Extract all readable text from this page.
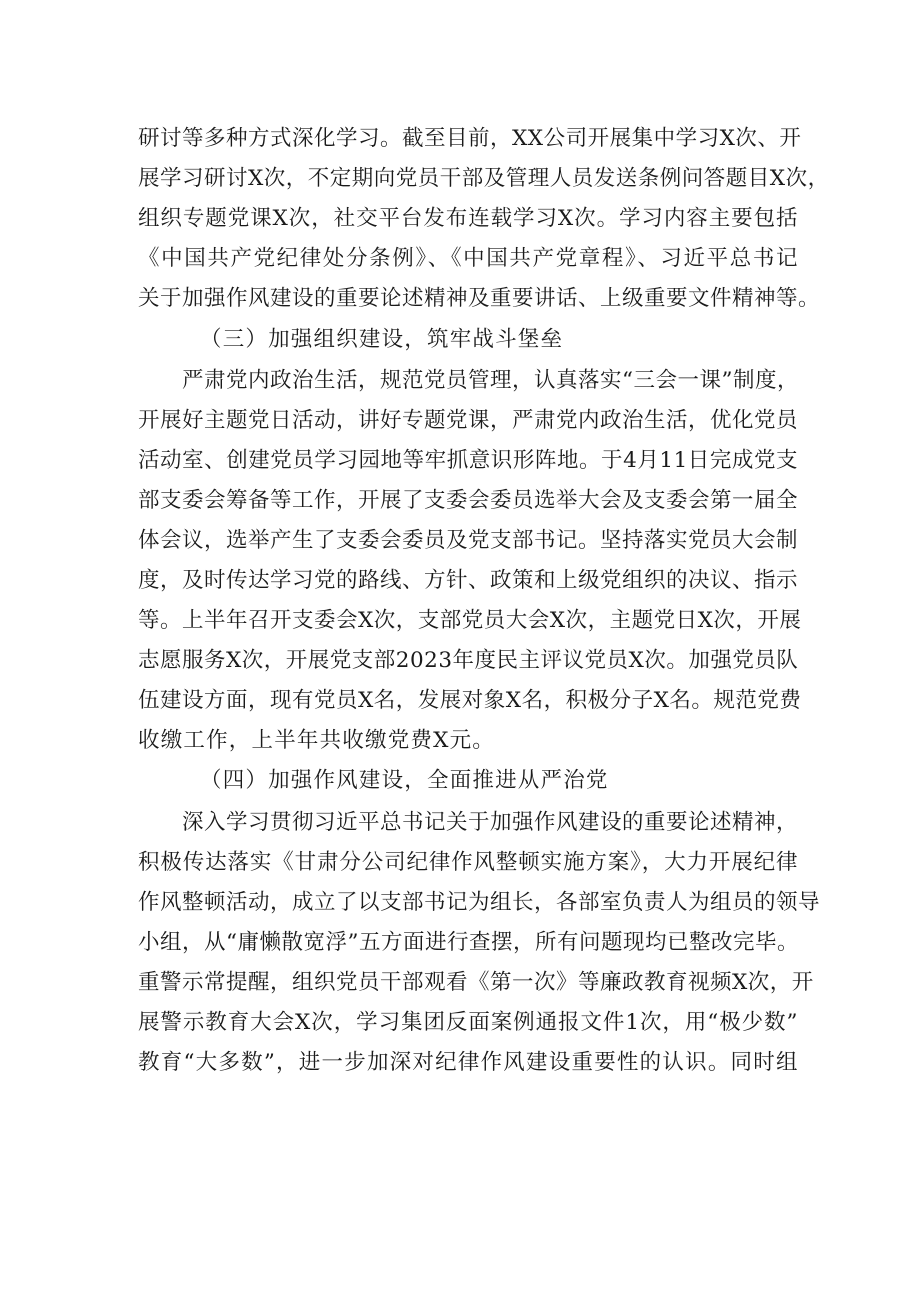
研讨等多种方式深化学习。截至目前，XX公司开展集中学习X次、开
展学习研讨X次，不定期向党员干部及管理人员发送条例问答题目X次，
组织专题党课X次，社交平台发布连载学习X次。学习内容主要包括
《中国共产党纪律处分条例》、《中国共产党章程》、习近平总书记
关于加强作风建设的重要论述精神及重要讲话、上级重要文件精神等。
（三）加强组织建设，筑牢战斗堡垒
严肃党内政治生活，规范党员管理，认真落实“三会一课”制度，
开展好主题党日活动，讲好专题党课，严肃党内政治生活，优化党员
活动室、创建党员学习园地等牢抓意识形阵地。于4月11日完成党支
部支委会筹备等工作，开展了支委会委员选举大会及支委会第一届全
体会议，选举产生了支委会委员及党支部书记。坚持落实党员大会制
度，及时传达学习党的路线、方针、政策和上级党组织的决议、指示
等。上半年召开支委会X次，支部党员大会X次，主题党日X次，开展
志愿服务X次，开展党支部2023年度民主评议党员X次。加强党员队
伍建设方面，现有党员X名，发展对象X名，积极分子X名。规范党费
收缴工作，上半年共收缴党费X元。
（四）加强作风建设，全面推进从严治党
深入学习贯彻习近平总书记关于加强作风建设的重要论述精神，
积极传达落实《甘肃分公司纪律作风整顿实施方案》，大力开展纪律
作风整顿活动，成立了以支部书记为组长，各部室负责人为组员的领导
小组，从“庸懒散宽浮”五方面进行查摆，所有问题现均已整改完毕。
重警示常提醒，组织党员干部观看《第一次》等廉政教育视频X次，开
展警示教育大会X次，学习集团反面案例通报文件1次，用“极少数”
教育“大多数”，进一步加深对纪律作风建设重要性的认识。同时组
